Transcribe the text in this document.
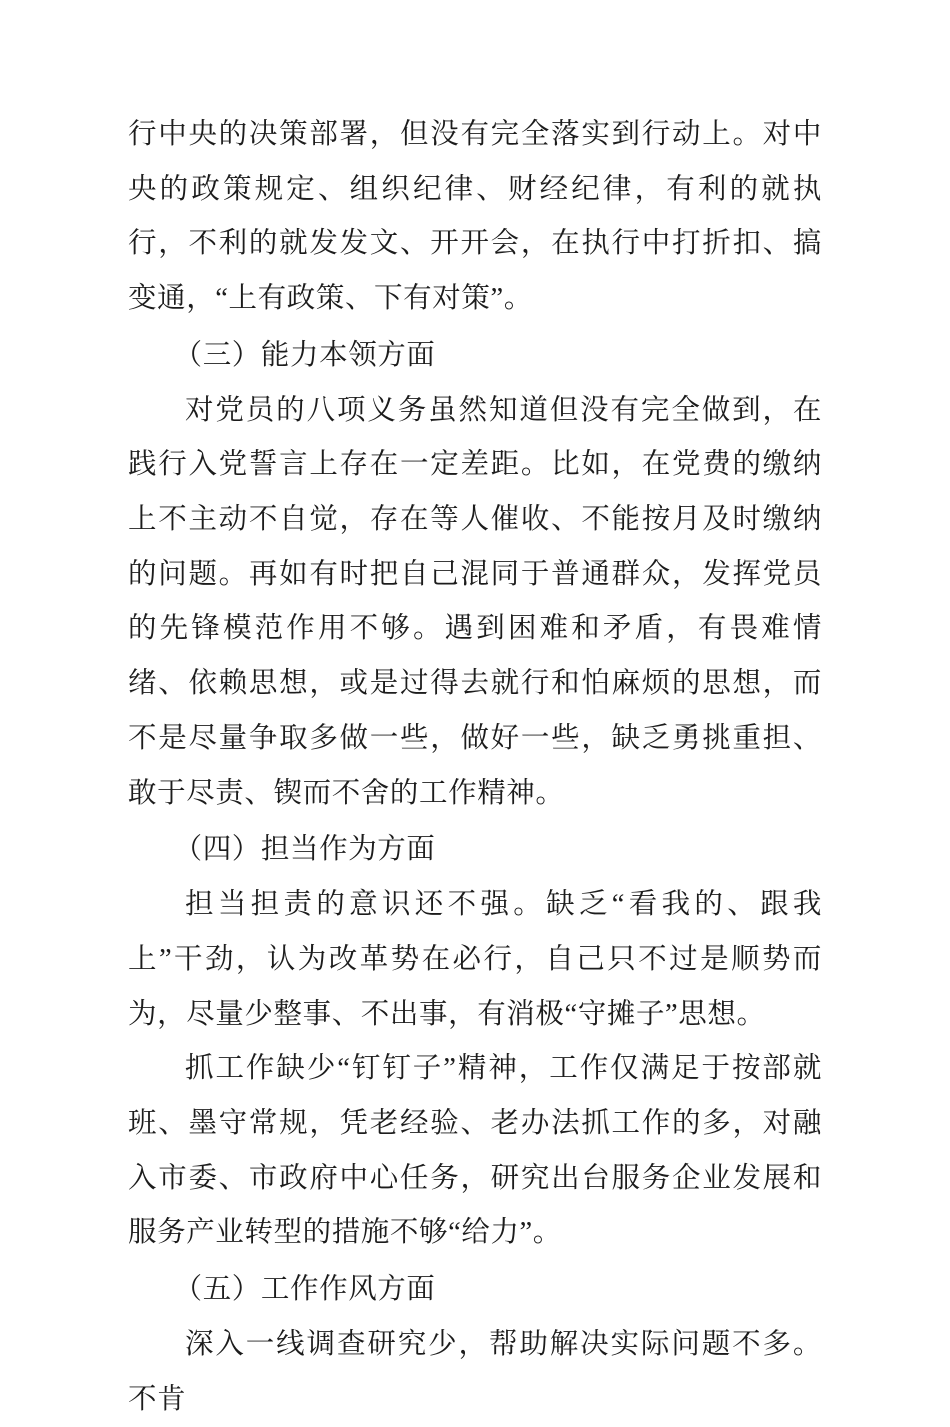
行中央的决策部署，但没有完全落实到行动上。对中央的政策规定、组织纪律、财经纪律，有利的就执行，不利的就发发文、开开会，在执行中打折扣、搞变通，“上有政策、下有对策”。

（三）能力本领方面

对党员的八项义务虽然知道但没有完全做到，在践行入党誓言上存在一定差距。比如，在党费的缴纳上不主动不自觉，存在等人催收、不能按月及时缴纳的问题。再如有时把自己混同于普通群众，发挥党员的先锋模范作用不够。遇到困难和矛盾，有畏难情绪、依赖思想，或是过得去就行和怕麻烦的思想，而不是尽量争取多做一些，做好一些，缺乏勇挑重担、敢于尽责、锲而不舍的工作精神。

（四）担当作为方面

担当担责的意识还不强。缺乏“看我的、跟我上”干劲，认为改革势在必行，自己只不过是顺势而为，尽量少整事、不出事，有消极“守摊子”思想。

抓工作缺少“钉钉子”精神，工作仅满足于按部就班、墨守常规，凭老经验、老办法抓工作的多，对融入市委、市政府中心任务，研究出台服务企业发展和服务产业转型的措施不够“给力”。

（五）工作作风方面

深入一线调查研究少，帮助解决实际问题不多。不肯
